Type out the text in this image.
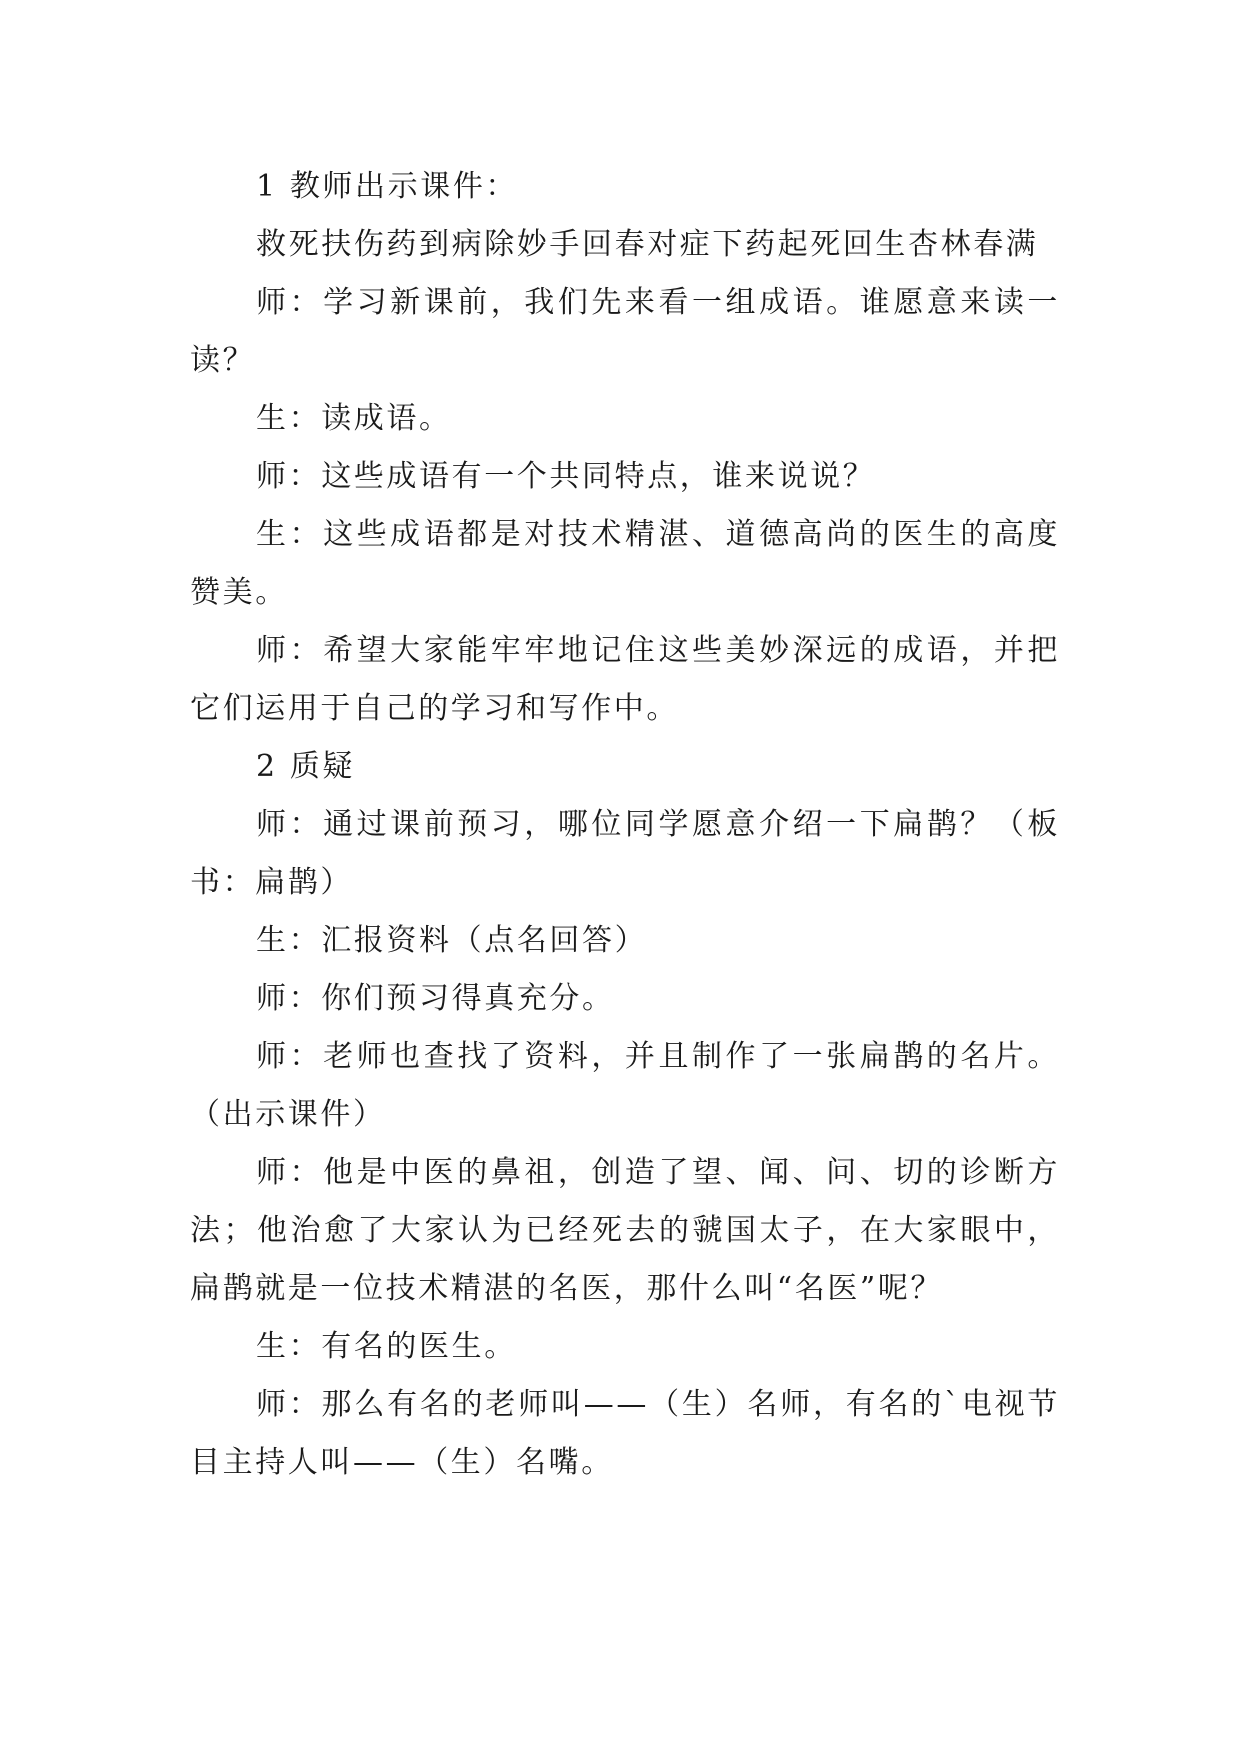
1 教师出示课件：

救死扶伤药到病除妙手回春对症下药起死回生杏林春满

师：学习新课前，我们先来看一组成语。谁愿意来读一读？

生：读成语。

师：这些成语有一个共同特点，谁来说说？

生：这些成语都是对技术精湛、道德高尚的医生的高度赞美。

师：希望大家能牢牢地记住这些美妙深远的成语，并把它们运用于自己的学习和写作中。

2 质疑

师：通过课前预习，哪位同学愿意介绍一下扁鹊？（板书：扁鹊）

生：汇报资料（点名回答）

师：你们预习得真充分。

师：老师也查找了资料，并且制作了一张扁鹊的名片。（出示课件）

师：他是中医的鼻祖，创造了望、闻、问、切的诊断方法；他治愈了大家认为已经死去的虢国太子，在大家眼中，扁鹊就是一位技术精湛的名医，那什么叫“名医”呢？

生：有名的医生。

师：那么有名的老师叫——（生）名师，有名的`电视节目主持人叫——（生）名嘴。
